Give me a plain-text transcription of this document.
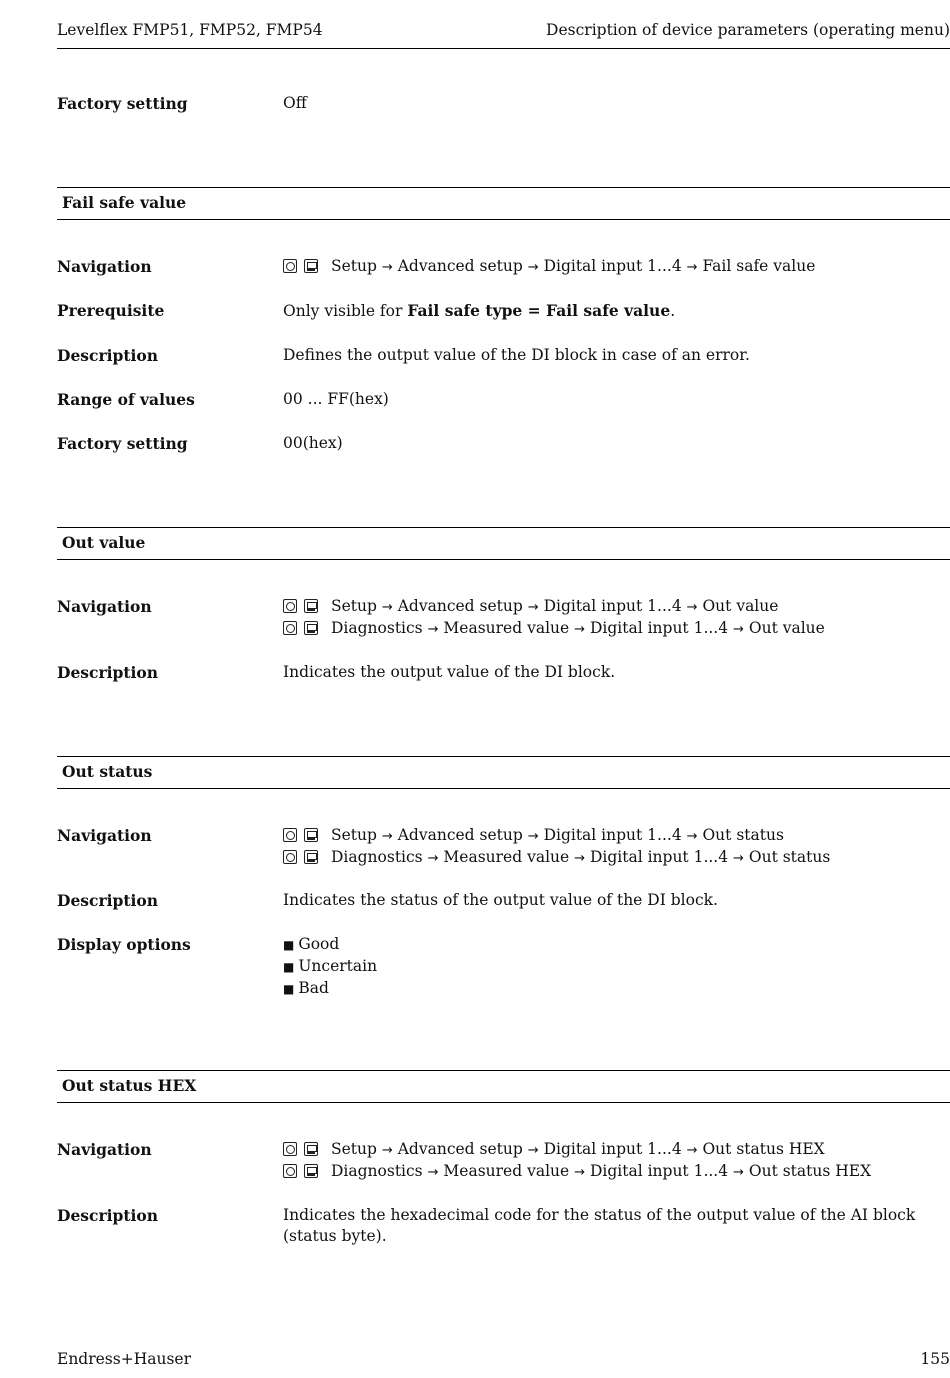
Levelflex FMP51, FMP52, FMP54	Description of device parameters (operating menu)
Factory setting	Off
Fail safe value
Navigation	Setup → Advanced setup → Digital input 1...4 → Fail safe value
Prerequisite	Only visible for Fail safe type = Fail safe value.
Description	Defines the output value of the DI block in case of an error.
Range of values	00 ... FF(hex)
Factory setting	00(hex)
Out value
Navigation	Setup → Advanced setup → Digital input 1...4 → Out value
Diagnostics → Measured value → Digital input 1...4 → Out value
Description	Indicates the output value of the DI block.
Out status
Navigation	Setup → Advanced setup → Digital input 1...4 → Out status
Diagnostics → Measured value → Digital input 1...4 → Out status
Description	Indicates the status of the output value of the DI block.
Display options	■ Good
■ Uncertain
■ Bad
Out status HEX
Navigation	Setup → Advanced setup → Digital input 1...4 → Out status HEX
Diagnostics → Measured value → Digital input 1...4 → Out status HEX
Description	Indicates the hexadecimal code for the status of the output value of the AI block (status byte).
Endress+Hauser	155
